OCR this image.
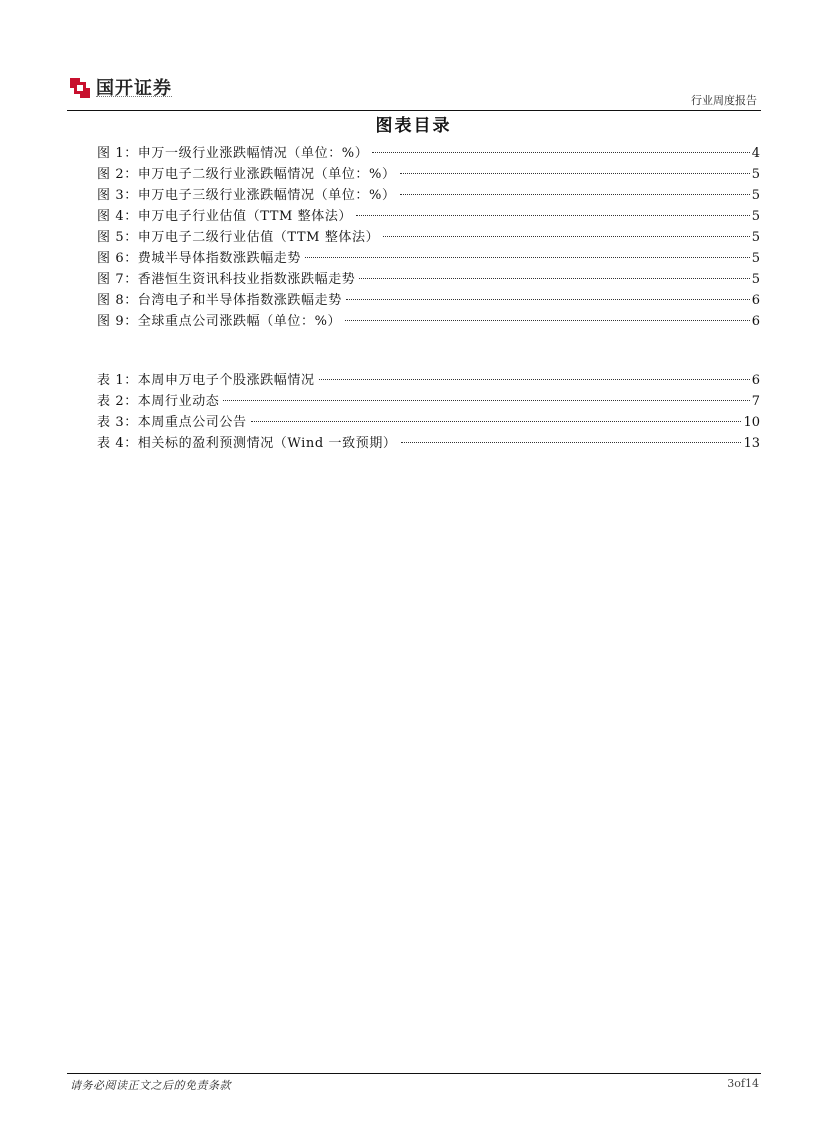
国开证券
行业周度报告
图表目录
图 1：申万一级行业涨跌幅情况（单位：%）	4
图 2：申万电子二级行业涨跌幅情况（单位：%）	5
图 3：申万电子三级行业涨跌幅情况（单位：%）	5
图 4：申万电子行业估值（TTM 整体法）	5
图 5：申万电子二级行业估值（TTM 整体法）	5
图 6：费城半导体指数涨跌幅走势	5
图 7：香港恒生资讯科技业指数涨跌幅走势	5
图 8：台湾电子和半导体指数涨跌幅走势	6
图 9：全球重点公司涨跌幅（单位：%）	6
表 1：本周申万电子个股涨跌幅情况	6
表 2：本周行业动态	7
表 3：本周重点公司公告	10
表 4：相关标的盈利预测情况（Wind 一致预期）	13
请务必阅读正文之后的免责条款	3of14
